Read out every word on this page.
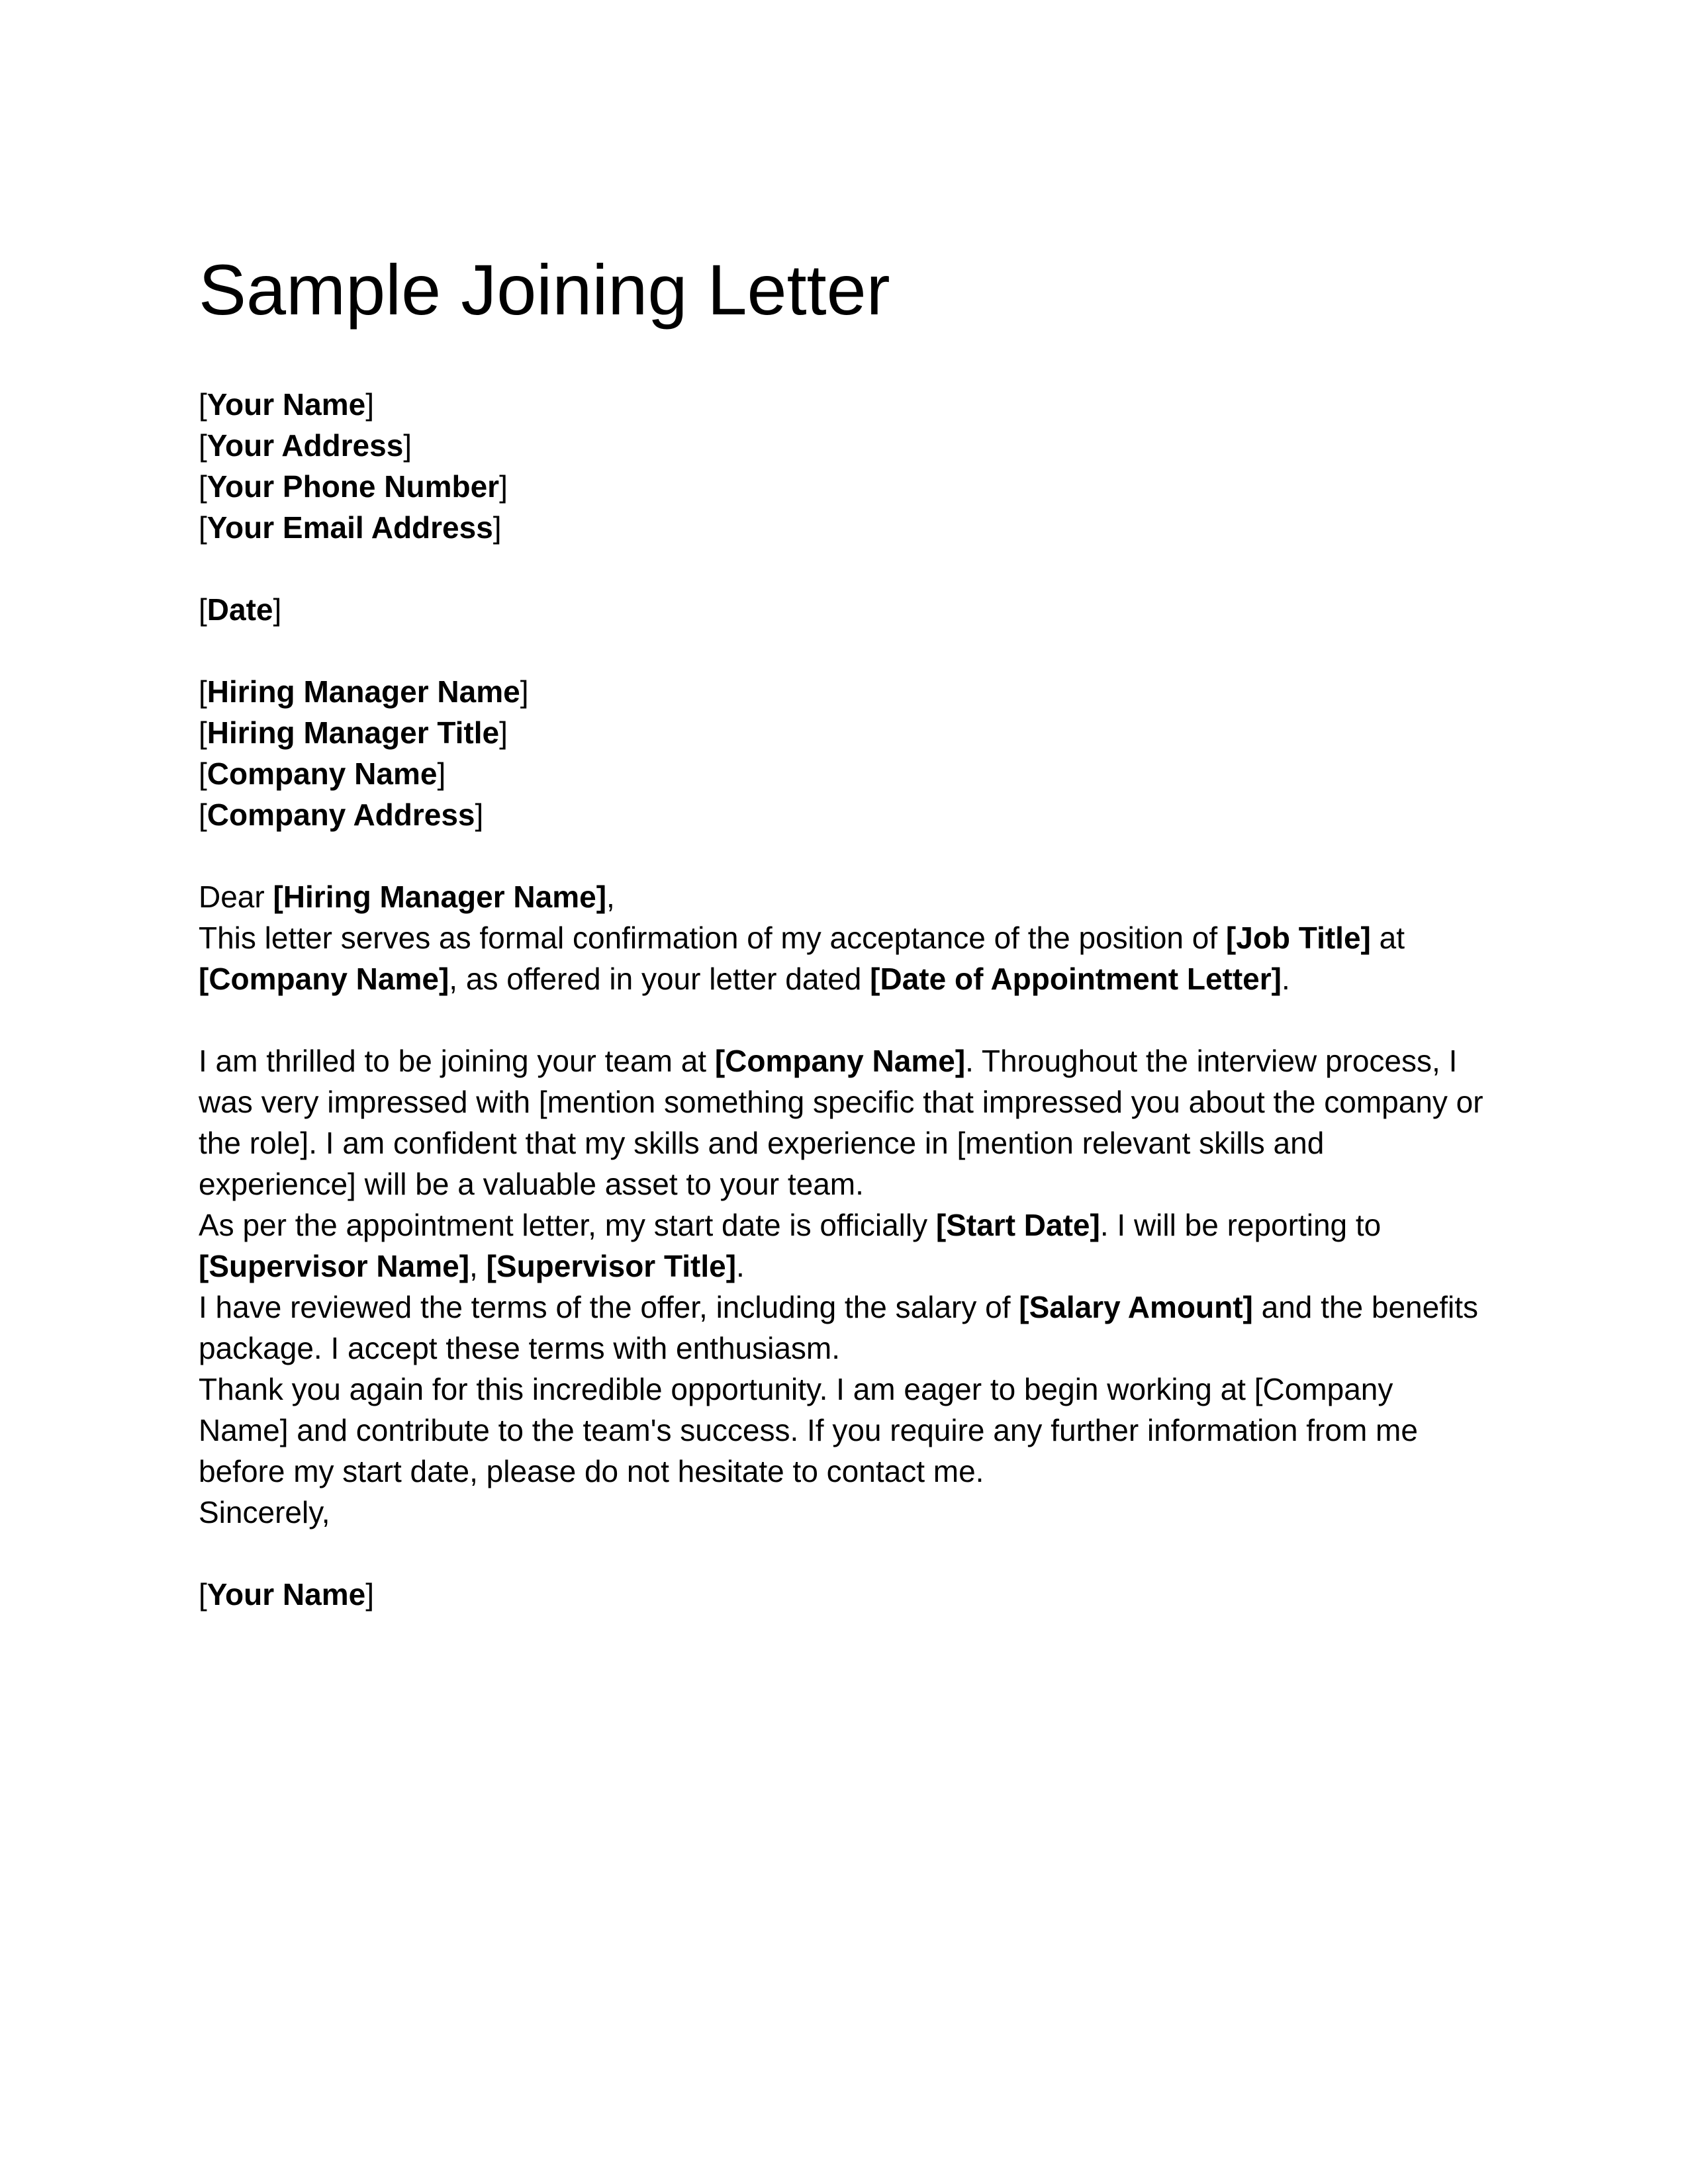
Sample Joining Letter
[Your Name]
[Your Address]
[Your Phone Number]
[Your Email Address]
[Date]
[Hiring Manager Name]
[Hiring Manager Title]
[Company Name]
[Company Address]
Dear [Hiring Manager Name],

This letter serves as formal confirmation of my acceptance of the position of [Job Title] at [Company Name], as offered in your letter dated [Date of Appointment Letter].

I am thrilled to be joining your team at [Company Name]. Throughout the interview process, I was very impressed with [mention something specific that impressed you about the company or the role]. I am confident that my skills and experience in [mention relevant skills and experience] will be a valuable asset to your team.

As per the appointment letter, my start date is officially [Start Date]. I will be reporting to [Supervisor Name], [Supervisor Title].

I have reviewed the terms of the offer, including the salary of [Salary Amount] and the benefits package. I accept these terms with enthusiasm.

Thank you again for this incredible opportunity. I am eager to begin working at [Company Name] and contribute to the team's success. If you require any further information from me before my start date, please do not hesitate to contact me.

Sincerely,
[Your Name]
